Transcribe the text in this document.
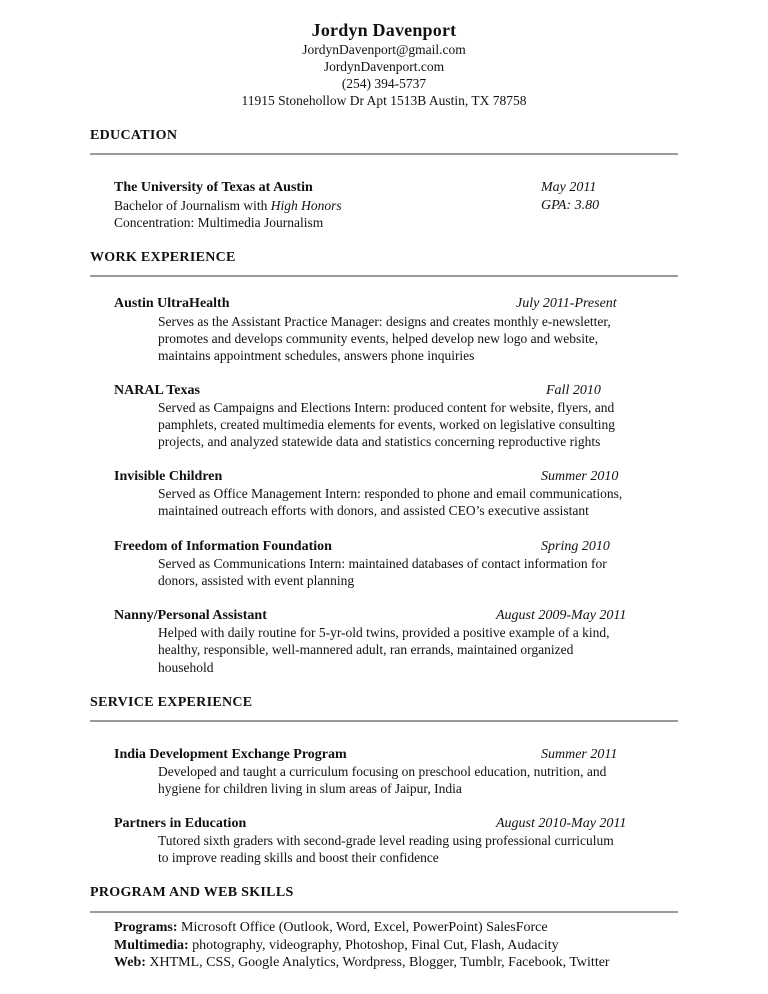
Jordyn Davenport
JordynDavenport@gmail.com
JordynDavenport.com
(254) 394-5737
11915 Stonehollow Dr Apt 1513B Austin, TX 78758
EDUCATION
The University of Texas at Austin	May 2011
Bachelor of Journalism with High Honors	GPA: 3.80
Concentration: Multimedia Journalism
WORK EXPERIENCE
Austin UltraHealth	July 2011-Present
Serves as the Assistant Practice Manager: designs and creates monthly e-newsletter,
promotes and develops community events, helped develop new logo and website,
maintains appointment schedules, answers phone inquiries
NARAL Texas	Fall 2010
Served as Campaigns and Elections Intern: produced content for website, flyers, and
pamphlets, created multimedia elements for events, worked on legislative consulting
projects, and analyzed statewide data and statistics concerning reproductive rights
Invisible Children	Summer 2010
Served as Office Management Intern: responded to phone and email communications,
maintained outreach efforts with donors, and assisted CEO’s executive assistant
Freedom of Information Foundation	Spring 2010
Served as Communications Intern: maintained databases of contact information for
donors, assisted with event planning
Nanny/Personal Assistant	August 2009-May 2011
Helped with daily routine for 5-yr-old twins, provided a positive example of a kind,
healthy, responsible, well-mannered adult, ran errands, maintained organized
household
SERVICE EXPERIENCE
India Development Exchange Program	Summer 2011
Developed and taught a curriculum focusing on preschool education, nutrition, and
hygiene for children living in slum areas of Jaipur, India
Partners in Education	August 2010-May 2011
Tutored sixth graders with second-grade level reading using professional curriculum
to improve reading skills and boost their confidence
PROGRAM AND WEB SKILLS
Programs: Microsoft Office (Outlook, Word, Excel, PowerPoint) SalesForce
Multimedia: photography, videography, Photoshop, Final Cut, Flash, Audacity
Web: XHTML, CSS, Google Analytics, Wordpress, Blogger, Tumblr, Facebook, Twitter
